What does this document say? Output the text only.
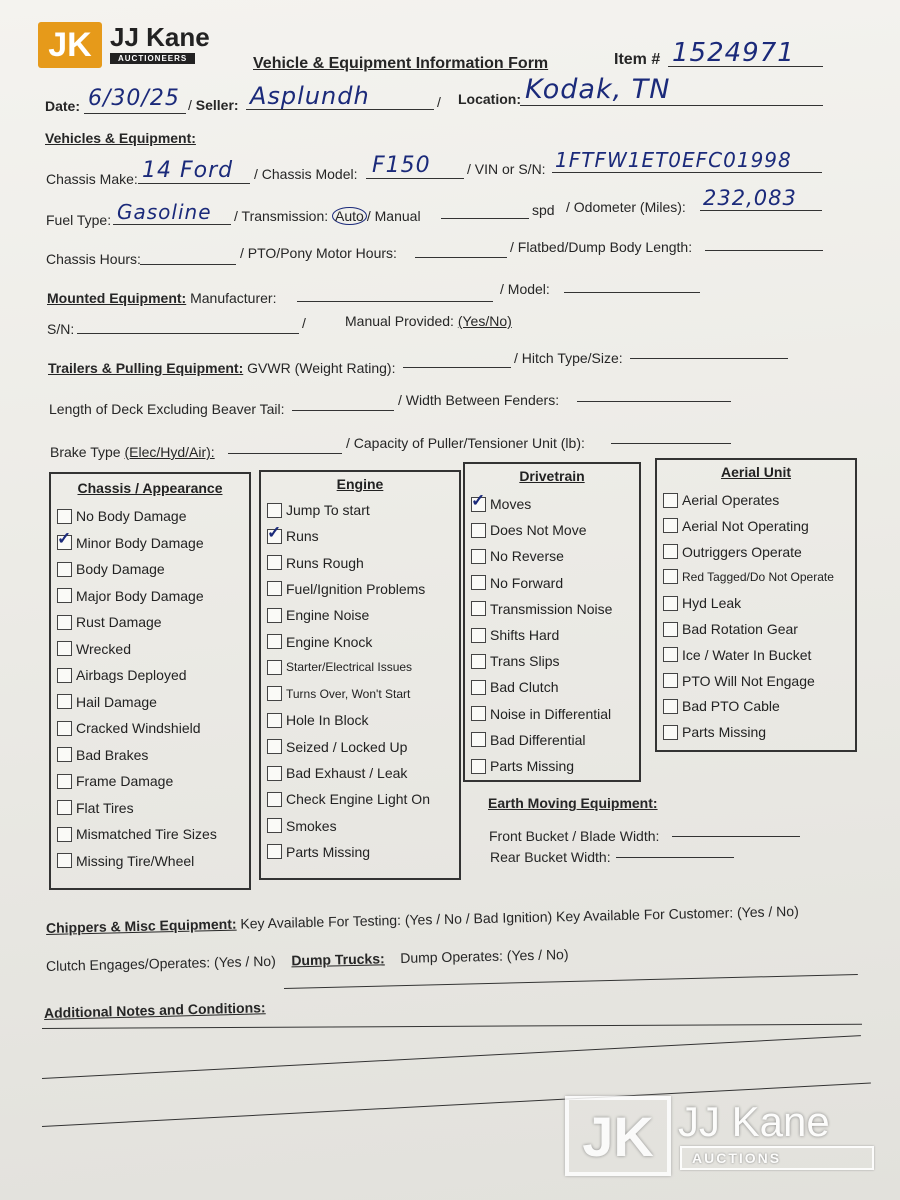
JK JJ Kane
AUCTIONEERS	Vehicle & Equipment Information Form	Item # 1524971
Date: 6/30/25 / Seller: Asplundh	/ Location: Kodak, TN
Vehicles & Equipment:
Chassis Make: 14 Ford / Chassis Model: F150	/ VIN or S/N: 1FTFW1ET0EFC01998
Fuel Type: Gasoline / Transmission: Auto / Manual	spd / Odometer (Miles): 232,083
Chassis Hours:	/ PTO/Pony Motor Hours:	/ Flatbed/Dump Body Length:
Mounted Equipment: Manufacturer:
/ Model:
S/N:	/	Manual Provided: (Yes/No)
Trailers & Pulling Equipment: GVWR (Weight Rating):
/ Hitch Type/Size:
Length of Deck Excluding Beaver Tail:
/ Width Between Fenders:
Brake Type (Elec/Hyd/Air):
/ Capacity of Puller/Tensioner Unit (lb):
Chassis / Appearance
No Body Damage
✓
Minor Body Damage
Body Damage
Major Body Damage
Rust Damage
Wrecked
Airbags Deployed
Hail Damage
Cracked Windshield
Bad Brakes
Frame Damage
Flat Tires
Mismatched Tire Sizes
Missing Tire/Wheel
Engine
Jump To start
✓
Runs
Runs Rough
Fuel/Ignition Problems
Engine Noise
Engine Knock
Starter/Electrical Issues
Turns Over, Won't Start
Hole In Block
Seized / Locked Up
Bad Exhaust / Leak
Check Engine Light On
Smokes
Parts Missing
Drivetrain
✓
Moves
Does Not Move
No Reverse
No Forward
Transmission Noise
Shifts Hard
Trans Slips
Bad Clutch
Noise in Differential
Bad Differential
Parts Missing
Aerial Unit
Aerial Operates
Aerial Not Operating
Outriggers Operate
Red Tagged/Do Not Operate
Hyd Leak
Bad Rotation Gear
Ice / Water In Bucket
PTO Will Not Engage
Bad PTO Cable
Parts Missing
Earth Moving Equipment:
Front Bucket / Blade Width:
Rear Bucket Width:
Chippers & Misc Equipment: Key Available For Testing: (Yes / No / Bad Ignition) Key Available For Customer: (Yes / No)
Clutch Engages/Operates: (Yes / No) Dump Trucks: Dump Operates: (Yes / No)
Additional Notes and Conditions:
JK JJ Kane
AUCTIONS
